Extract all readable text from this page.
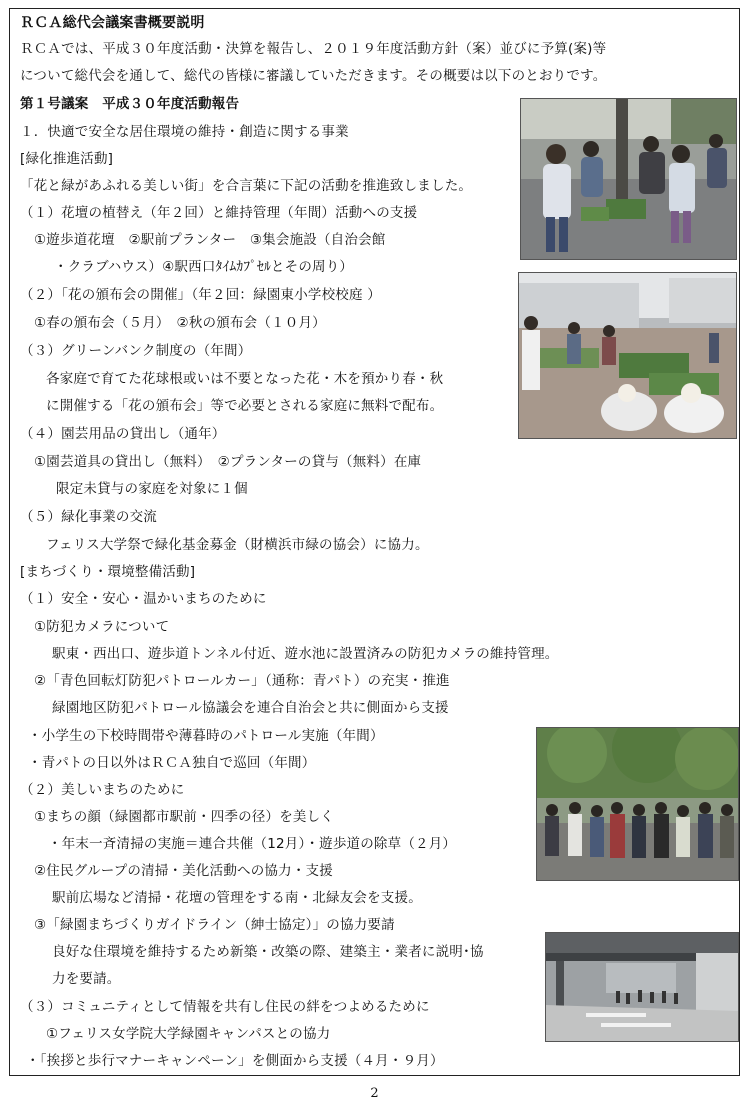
ＲＣＡ総代会議案書概要説明
ＲＣＡでは、平成３０年度活動・決算を報告し、２０１９年度活動方針（案）並びに予算(案)等
について総代会を通して、総代の皆様に審議していただきます。その概要は以下のとおりです。
第１号議案　平成３０年度活動報告
１．快適で安全な居住環境の維持・創造に関する事業
[緑化推進活動]
「花と緑があふれる美しい街」を合言葉に下記の活動を推進致しました。
（１）花壇の植替え（年２回）と維持管理（年間）活動への支援
①遊歩道花壇　②駅前プランター　③集会施設（自治会館
・クラブハウス）④駅西口ﾀｲﾑｶﾌﾟｾﾙとその周り）
（２）「花の頒布会の開催」（年２回：緑園東小学校校庭 ）
①春の頒布会（５月）　②秋の頒布会（１０月）
（３）グリーンバンク制度の（年間）
各家庭で育てた花球根或いは不要となった花・木を預かり春・秋
に開催する「花の頒布会」等で必要とされる家庭に無料で配布。
（４）園芸用品の貸出し（通年）
①園芸道具の貸出し（無料）　②プランターの貸与（無料）在庫
限定未貸与の家庭を対象に１個
（５）緑化事業の交流
フェリス大学祭で緑化基金募金（財横浜市緑の協会）に協力。
[まちづくり・環境整備活動]
（１）安全・安心・温かいまちのために
①防犯カメラについて
駅東・西出口、遊歩道トンネル付近、遊水池に設置済みの防犯カメラの維持管理。
②「青色回転灯防犯パトロールカー」（通称：青パト）の充実・推進
緑園地区防犯パトロール協議会を連合自治会と共に側面から支援
・小学生の下校時間帯や薄暮時のパトロール実施（年間）
・青パトの日以外はＲＣＡ独自で巡回（年間）
（２）美しいまちのために
①まちの顔（緑園都市駅前・四季の径）を美しく
・年末一斉清掃の実施＝連合共催（12月）・遊歩道の除草（２月）
②住民グループの清掃・美化活動への協力・支援
駅前広場など清掃・花壇の管理をする南・北緑友会を支援。
③「緑園まちづくりガイドライン（紳士協定）」の協力要請
良好な住環境を維持するため新築・改築の際、建築主・業者に説明･協
力を要請。
（３）コミュニティとして情報を共有し住民の絆をつよめるために
①フェリス女学院大学緑園キャンパスとの協力
・「挨拶と歩行マナーキャンペーン」を側面から支援（４月・９月）
2
